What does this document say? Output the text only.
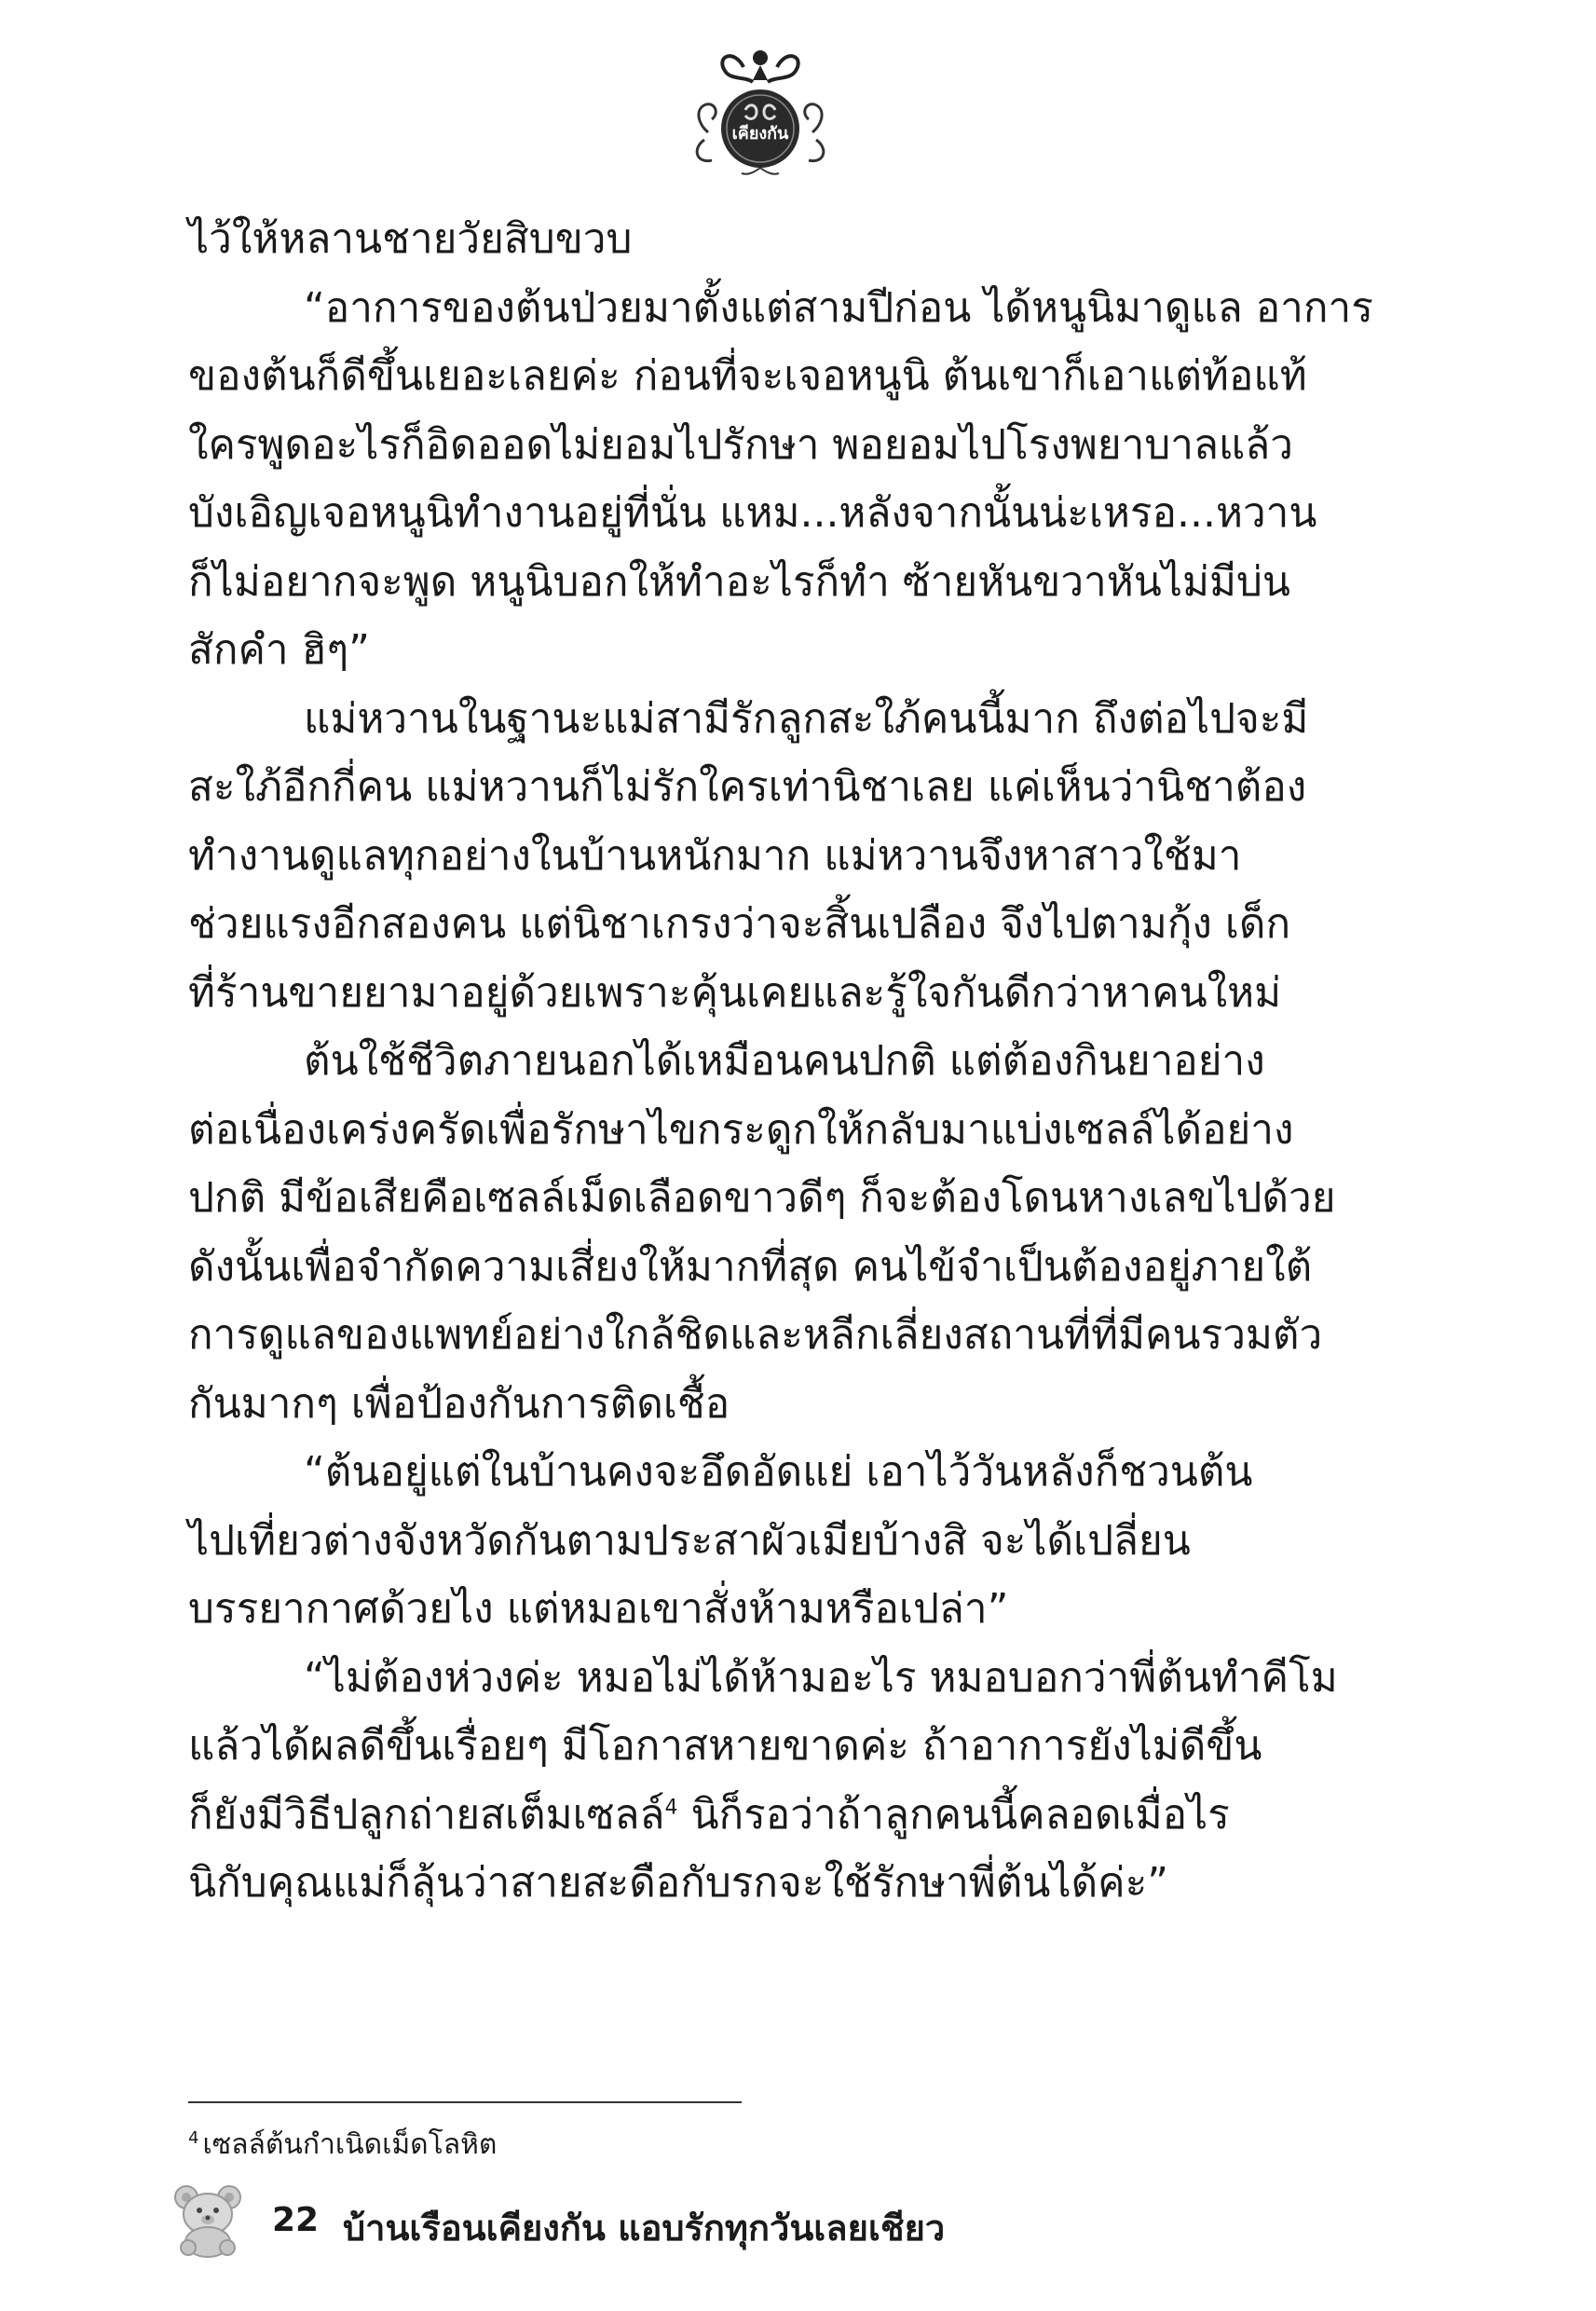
เคียงกัน
ไว้ให้หลานชายวัยสิบขวบ
“อาการของต้นป่วยมาตั้งแต่สามปีก่อน ได้หนูนิมาดูแล อาการ
ของต้นก็ดีขึ้นเยอะเลยค่ะ ก่อนที่จะเจอหนูนิ ต้นเขาก็เอาแต่ท้อแท้
ใครพูดอะไรก็อิดออดไม่ยอมไปรักษา พอยอมไปโรงพยาบาลแล้ว
บังเอิญเจอหนูนิทำงานอยู่ที่นั่น แหม...หลังจากนั้นน่ะเหรอ...หวาน
ก็ไม่อยากจะพูด หนูนิบอกให้ทำอะไรก็ทำ ซ้ายหันขวาหันไม่มีบ่น
สักคำ ฮิๆ”
แม่หวานในฐานะแม่สามีรักลูกสะใภ้คนนี้มาก ถึงต่อไปจะมี
สะใภ้อีกกี่คน แม่หวานก็ไม่รักใครเท่านิชาเลย แค่เห็นว่านิชาต้อง
ทำงานดูแลทุกอย่างในบ้านหนักมาก แม่หวานจึงหาสาวใช้มา
ช่วยแรงอีกสองคน แต่นิชาเกรงว่าจะสิ้นเปลือง จึงไปตามกุ้ง เด็ก
ที่ร้านขายยามาอยู่ด้วยเพราะคุ้นเคยและรู้ใจกันดีกว่าหาคนใหม่
ต้นใช้ชีวิตภายนอกได้เหมือนคนปกติ แต่ต้องกินยาอย่าง
ต่อเนื่องเคร่งครัดเพื่อรักษาไขกระดูกให้กลับมาแบ่งเซลล์ได้อย่าง
ปกติ มีข้อเสียคือเซลล์เม็ดเลือดขาวดีๆ ก็จะต้องโดนหางเลขไปด้วย
ดังนั้นเพื่อจำกัดความเสี่ยงให้มากที่สุด คนไข้จำเป็นต้องอยู่ภายใต้
การดูแลของแพทย์อย่างใกล้ชิดและหลีกเลี่ยงสถานที่ที่มีคนรวมตัว
กันมากๆ เพื่อป้องกันการติดเชื้อ
“ต้นอยู่แต่ในบ้านคงจะอึดอัดแย่ เอาไว้วันหลังก็ชวนต้น
ไปเที่ยวต่างจังหวัดกันตามประสาผัวเมียบ้างสิ จะได้เปลี่ยน
บรรยากาศด้วยไง แต่หมอเขาสั่งห้ามหรือเปล่า”
“ไม่ต้องห่วงค่ะ หมอไม่ได้ห้ามอะไร หมอบอกว่าพี่ต้นทำคีโม
แล้วได้ผลดีขึ้นเรื่อยๆ มีโอกาสหายขาดค่ะ ถ้าอาการยังไม่ดีขึ้น
ก็ยังมีวิธีปลูกถ่ายสเต็มเซลล์$^4$ นิก็รอว่าถ้าลูกคนนี้คลอดเมื่อไร
นิกับคุณแม่ก็ลุ้นว่าสายสะดือกับรกจะใช้รักษาพี่ต้นได้ค่ะ”
$^4$ เซลล์ต้นกำเนิดเม็ดโลหิต
22 บ้านเรือนเคียงกัน แอบรักทุกวันเลยเชียว
